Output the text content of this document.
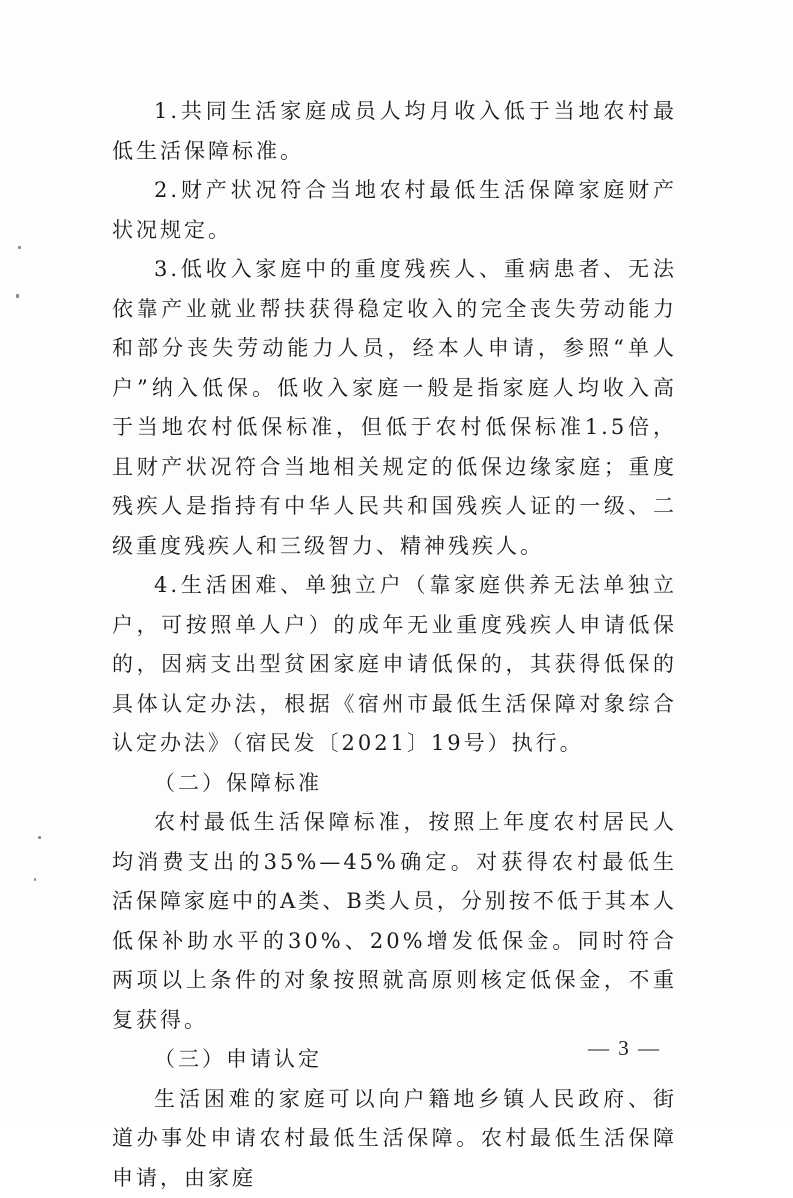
1.共同生活家庭成员人均月收入低于当地农村最低生活保障标准。

2.财产状况符合当地农村最低生活保障家庭财产状况规定。

3.低收入家庭中的重度残疾人、重病患者、无法依靠产业就业帮扶获得稳定收入的完全丧失劳动能力和部分丧失劳动能力人员，经本人申请，参照“单人户”纳入低保。低收入家庭一般是指家庭人均收入高于当地农村低保标准，但低于农村低保标准1.5倍，且财产状况符合当地相关规定的低保边缘家庭；重度残疾人是指持有中华人民共和国残疾人证的一级、二级重度残疾人和三级智力、精神残疾人。

4.生活困难、单独立户（靠家庭供养无法单独立户，可按照单人户）的成年无业重度残疾人申请低保的，因病支出型贫困家庭申请低保的，其获得低保的具体认定办法，根据《宿州市最低生活保障对象综合认定办法》（宿民发〔2021〕19号）执行。

（二）保障标准

农村最低生活保障标准，按照上年度农村居民人均消费支出的35%—45%确定。对获得农村最低生活保障家庭中的A类、B类人员，分别按不低于其本人低保补助水平的30%、20%增发低保金。同时符合两项以上条件的对象按照就高原则核定低保金，不重复获得。

（三）申请认定

生活困难的家庭可以向户籍地乡镇人民政府、街道办事处申请农村最低生活保障。农村最低生活保障申请，由家庭

— 3 —
